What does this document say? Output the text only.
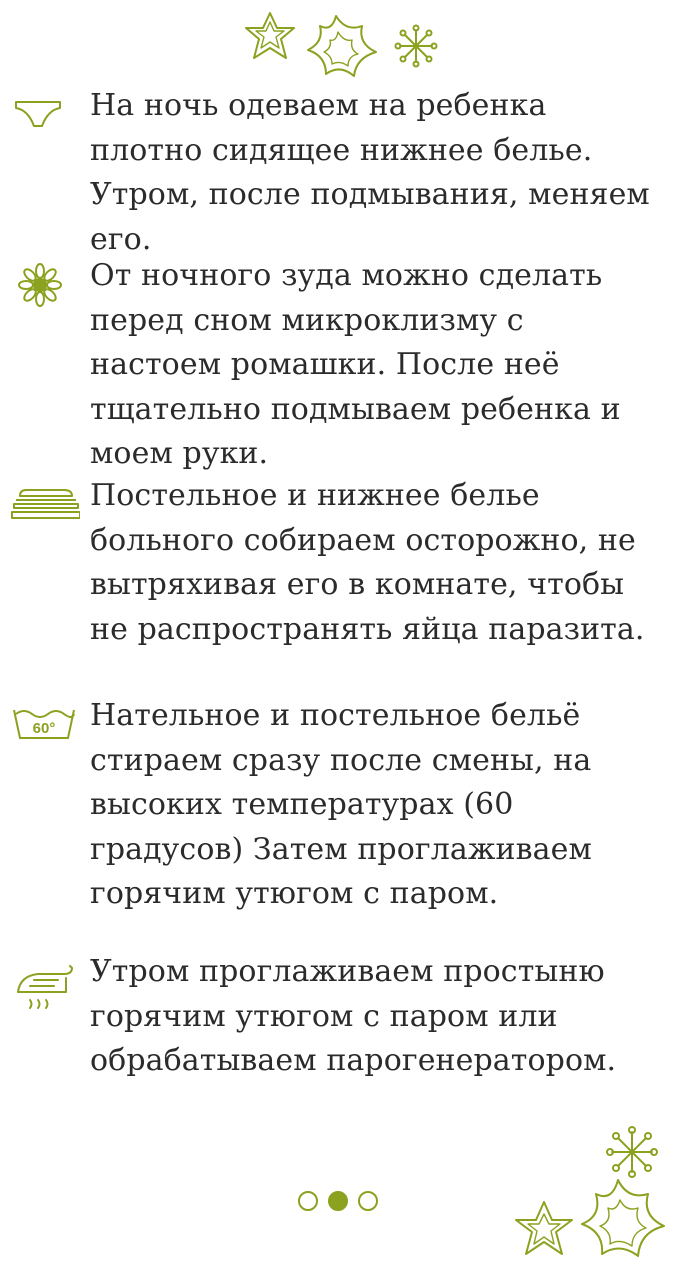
На ночь одеваем на ребенка плотно сидящее нижнее белье. Утром, после подмывания, меняем его.

От ночного зуда можно сделать перед сном микроклизму с настоем ромашки. После неё тщательно подмываем ребенка и моем руки.

Постельное и нижнее белье больного собираем осторожно, не вытряхивая его в комнате, чтобы не распространять яйца паразита.

60° Нательное и постельное бельё стираем сразу после смены, на высоких температурах (60 градусов) Затем проглаживаем горячим утюгом с паром.

Утром проглаживаем простыню горячим утюгом с паром или обрабатываем парогенератором.
